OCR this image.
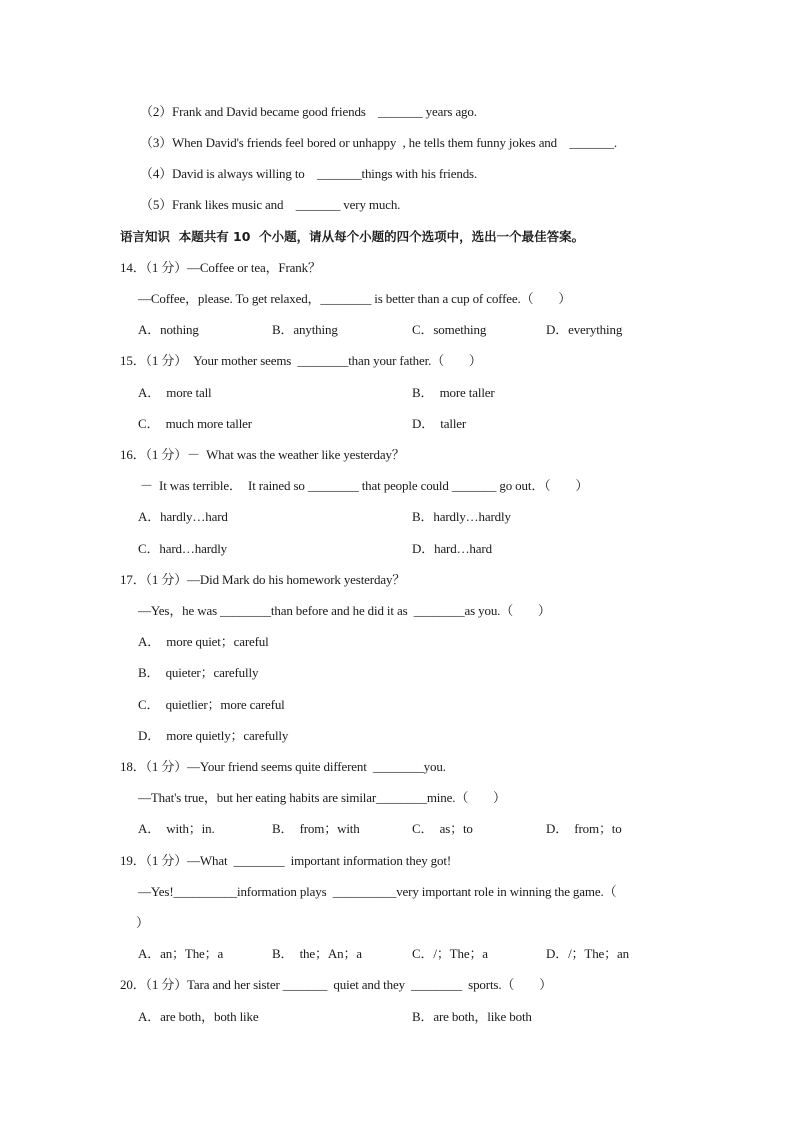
（2）Frank and David became good friends    _______ years ago.
（3）When David's friends feel bored or unhappy  , he tells them funny jokes and    _______.
（4）David is always willing to    _______things with his friends.
（5）Frank likes music and    _______ very much.
语言知识  本题共有 10  个小题，请从每个小题的四个选项中，选出一个最佳答案。
14．（1 分）—Coffee or tea，Frank？
—Coffee，please. To get relaxed，________ is better than a cup of coffee.（        ）
A．nothing	B．anything	C．something	D．everything
15．（1 分）  Your mother seems  ________than your father.（        ）
A．  more tall	B．  more taller
C．  much more taller	D．  taller
16．（1 分）－  What was the weather like yesterday？
－  It was terrible．  It rained so ________ that people could _______ go out．（        ）
A．hardly…hard	B．hardly…hardly
C．hard…hardly	D．hard…hard
17．（1 分）—Did Mark do his homework yesterday？
—Yes，he was ________than before and he did it as  ________as you.（        ）
A．  more quiet；careful
B．  quieter；carefully
C．  quietlier；more careful
D．  more quietly；carefully
18．（1 分）—Your friend seems quite different  ________you.
—That's true，but her eating habits are similar________mine.（        ）
A．  with；in.	B．  from；with	C．  as；to	D．  from；to
19．（1 分）—What  ________  important information they got!
—Yes!__________information plays  __________very important role in winning the game.（
）
A．an；The；a	B．  the；An；a	C．/；The；a	D．/；The；an
20．（1 分）Tara and her sister _______  quiet and they  ________  sports.（        ）
A．are both，both like	B．are both，like both
